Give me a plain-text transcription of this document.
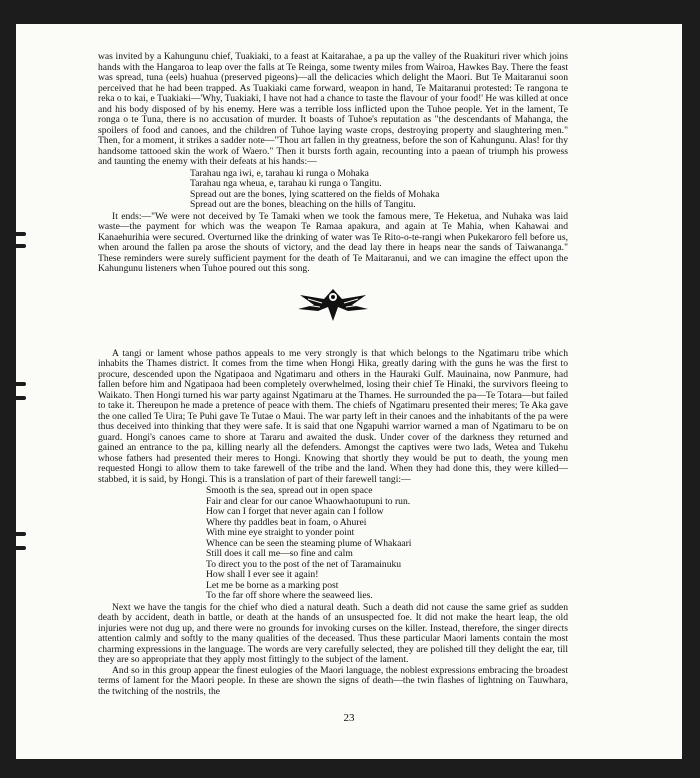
was invited by a Kahungunu chief, Tuakiaki, to a feast at Kaitarahae, a pa up the valley of the Ruakituri river which joins hands with the Hangaroa to leap over the falls at Te Reinga, some twenty miles from Wairoa, Hawkes Bay. There the feast was spread, tuna (eels) huahua (preserved pigeons)—all the delicacies which delight the Maori. But Te Maitaranui soon perceived that he had been trapped. As Tuakiaki came forward, weapon in hand, Te Maitaranui protested: Te rangona te reka o to kai, e Tuakiaki—'Why, Tuakiaki, I have not had a chance to taste the flavour of your food!' He was killed at once and his body disposed of by his enemy. Here was a terrible loss inflicted upon the Tuhoe people. Yet in the lament, Te ronga o te Tuna, there is no accusation of murder. It boasts of Tuhoe's reputation as "the descendants of Mahanga, the spoilers of food and canoes, and the children of Tuhoe laying waste crops, destroying property and slaughtering men." Then, for a moment, it strikes a sadder note—"Thou art fallen in thy greatness, before the son of Kahungunu. Alas! for thy handsome tattooed skin the work of Waero." Then it bursts forth again, recounting into a paean of triumph his prowess and taunting the enemy with their defeats at his hands:—

Tarahau nga iwi, e, tarahau ki runga o Mohaka
Tarahau nga wheua, e, tarahau ki runga o Tangitu.
Spread out are the bones, lying scattered on the fields of Mohaka
Spread out are the bones, bleaching on the hills of Tangitu.

It ends:—"We were not deceived by Te Tamaki when we took the famous mere, Te Heketua, and Nuhaka was laid waste—the payment for which was the weapon Te Ramaa apakura, and again at Te Mahia, when Kahawai and Kanaehurihia were secured. Overturned like the drinking of water was Te Rito-o-te-rangi when Pukekaroro fell before us, when around the fallen pa arose the shouts of victory, and the dead lay there in heaps near the sands of Taiwananga." These reminders were surely sufficient payment for the death of Te Maitaranui, and we can imagine the effect upon the Kahungunu listeners when Tuhoe poured out this song.

A tangi or lament whose pathos appeals to me very strongly is that which belongs to the Ngatimaru tribe which inhabits the Thames district. It comes from the time when Hongi Hika, greatly daring with the guns he was the first to procure, descended upon the Ngatipaoa and Ngatimaru and others in the Hauraki Gulf. Mauinaina, now Panmure, had fallen before him and Ngatipaoa had been completely overwhelmed, losing their chief Te Hinaki, the survivors fleeing to Waikato. Then Hongi turned his war party against Ngatimaru at the Thames. He surrounded the pa—Te Totara—but failed to take it. Thereupon he made a pretence of peace with them. The chiefs of Ngatimaru presented their meres; Te Aka gave the one called Te Uira; Te Puhi gave Te Tutae o Maui. The war party left in their canoes and the inhabitants of the pa were thus deceived into thinking that they were safe. It is said that one Ngapuhi warrior warned a man of Ngatimaru to be on guard. Hongi's canoes came to shore at Tararu and awaited the dusk. Under cover of the darkness they returned and gained an entrance to the pa, killing nearly all the defenders. Amongst the captives were two lads, Wetea and Tukehu whose fathers had presented their meres to Hongi. Knowing that shortly they would be put to death, the young men requested Hongi to allow them to take farewell of the tribe and the land. When they had done this, they were killed—stabbed, it is said, by Hongi. This is a translation of part of their farewell tangi:—

Smooth is the sea, spread out in open space
Fair and clear for our canoe Whaowhaotupuni to run.
How can I forget that never again can I follow
Where thy paddles beat in foam, o Ahurei
With mine eye straight to yonder point
Whence can be seen the steaming plume of Whakaari
Still does it call me—so fine and calm
To direct you to the post of the net of Taramainuku
How shall I ever see it again!
Let me be borne as a marking post
To the far off shore where the seaweed lies.

Next we have the tangis for the chief who died a natural death. Such a death did not cause the same grief as sudden death by accident, death in battle, or death at the hands of an unsuspected foe. It did not make the heart leap, the old injuries were not dug up, and there were no grounds for invoking curses on the killer. Instead, therefore, the singer directs attention calmly and softly to the many qualities of the deceased. Thus these particular Maori laments contain the most charming expressions in the language. The words are very carefully selected, they are polished till they delight the ear, till they are so appropriate that they apply most fittingly to the subject of the lament.

And so in this group appear the finest eulogies of the Maori language, the noblest expressions embracing the broadest terms of lament for the Maori people. In these are shown the signs of death—the twin flashes of lightning on Tauwhara, the twitching of the nostrils, the

23
